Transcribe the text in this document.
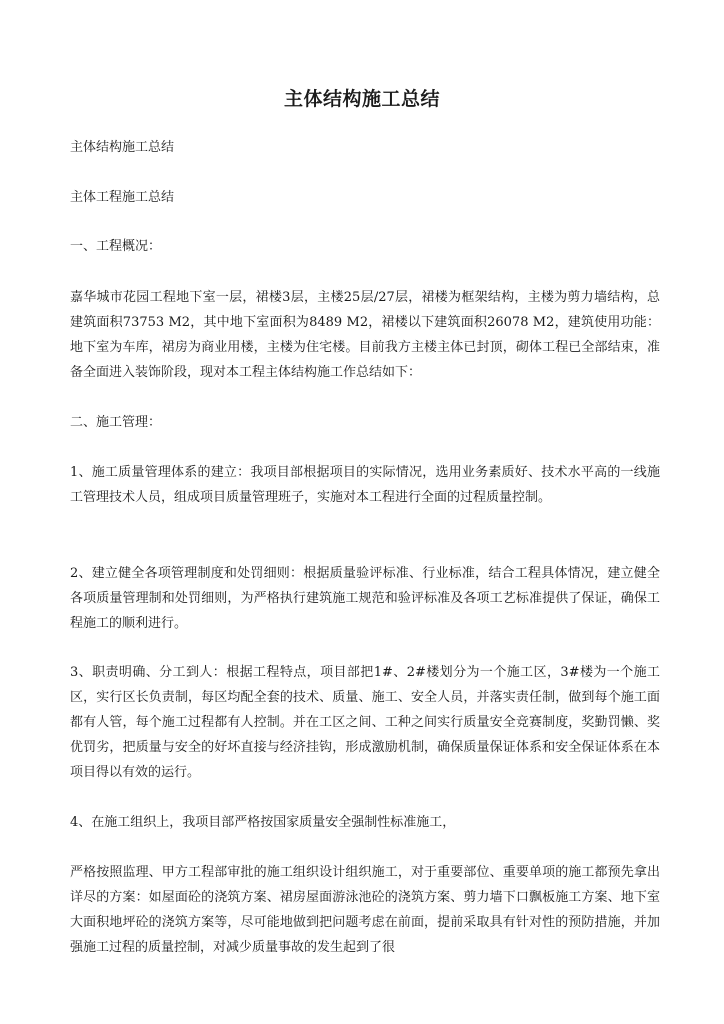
主体结构施工总结

主体结构施工总结

主体工程施工总结

一、工程概况：

嘉华城市花园工程地下室一层，裙楼3层，主楼25层/27层，裙楼为框架结构，主楼为剪力墙结构，总建筑面积73753 M2，其中地下室面积为8489 M2，裙楼以下建筑面积26078 M2，建筑使用功能：地下室为车库，裙房为商业用楼，主楼为住宅楼。目前我方主楼主体已封顶，砌体工程已全部结束，准备全面进入装饰阶段，现对本工程主体结构施工作总结如下：

二、施工管理：

1、施工质量管理体系的建立：我项目部根据项目的实际情况，选用业务素质好、技术水平高的一线施工管理技术人员，组成项目质量管理班子，实施对本工程进行全面的过程质量控制。

2、建立健全各项管理制度和处罚细则：根据质量验评标准、行业标准，结合工程具体情况，建立健全各项质量管理制和处罚细则，为严格执行建筑施工规范和验评标准及各项工艺标准提供了保证，确保工程施工的顺利进行。

3、职责明确、分工到人：根据工程特点，项目部把1#、2#楼划分为一个施工区，3#楼为一个施工区，实行区长负责制，每区均配全套的技术、质量、施工、安全人员，并落实责任制，做到每个施工面都有人管，每个施工过程都有人控制。并在工区之间、工种之间实行质量安全竞赛制度，奖勤罚懒、奖优罚劣，把质量与安全的好坏直接与经济挂钩，形成激励机制，确保质量保证体系和安全保证体系在本项目得以有效的运行。

4、在施工组织上，我项目部严格按国家质量安全强制性标准施工，

严格按照监理、甲方工程部审批的施工组织设计组织施工，对于重要部位、重要单项的施工都预先拿出详尽的方案：如屋面砼的浇筑方案、裙房屋面游泳池砼的浇筑方案、剪力墙下口飘板施工方案、地下室大面积地坪砼的浇筑方案等，尽可能地做到把问题考虑在前面，提前采取具有针对性的预防措施，并加强施工过程的质量控制，对减少质量事故的发生起到了很
